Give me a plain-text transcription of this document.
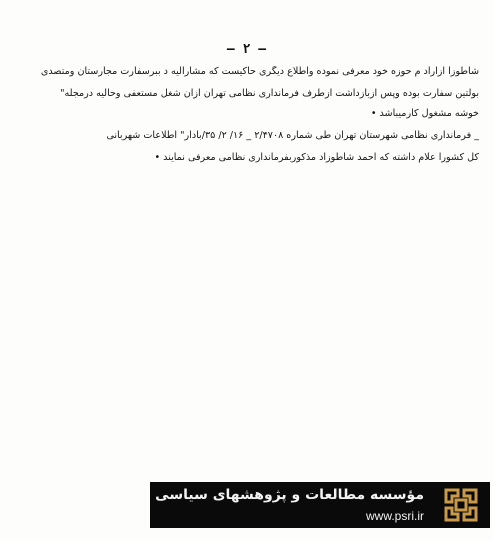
– ۲ –
شاطوزا ازاراد م حوزه خود معرفی نموده واطلاع دیگری حاکیست که مشارالیه د ببرسفارت مجارستان ومتصدی
بولتین سفارت بوده وپس ازبازداشت ازطرف فرمانداری نظامی تهران ازآن شغل مستعفی وحالیه درمجله"
خوشه مشغول کارمیباشد •
_ فرمانداری نظامی شهرستان تهران طی شماره ۲/۴۷۰۸ _ ۱۶/ ۲/ ۳۵/بادار" اطلاعات شهربانی
کل کشورا علام داشته که احمد شاطوزاد مذکوربفرمانداری نظامی معرفی نمایند •
مؤسسه مطالعات و پژوهشهای سیاسی
www.psri.ir
